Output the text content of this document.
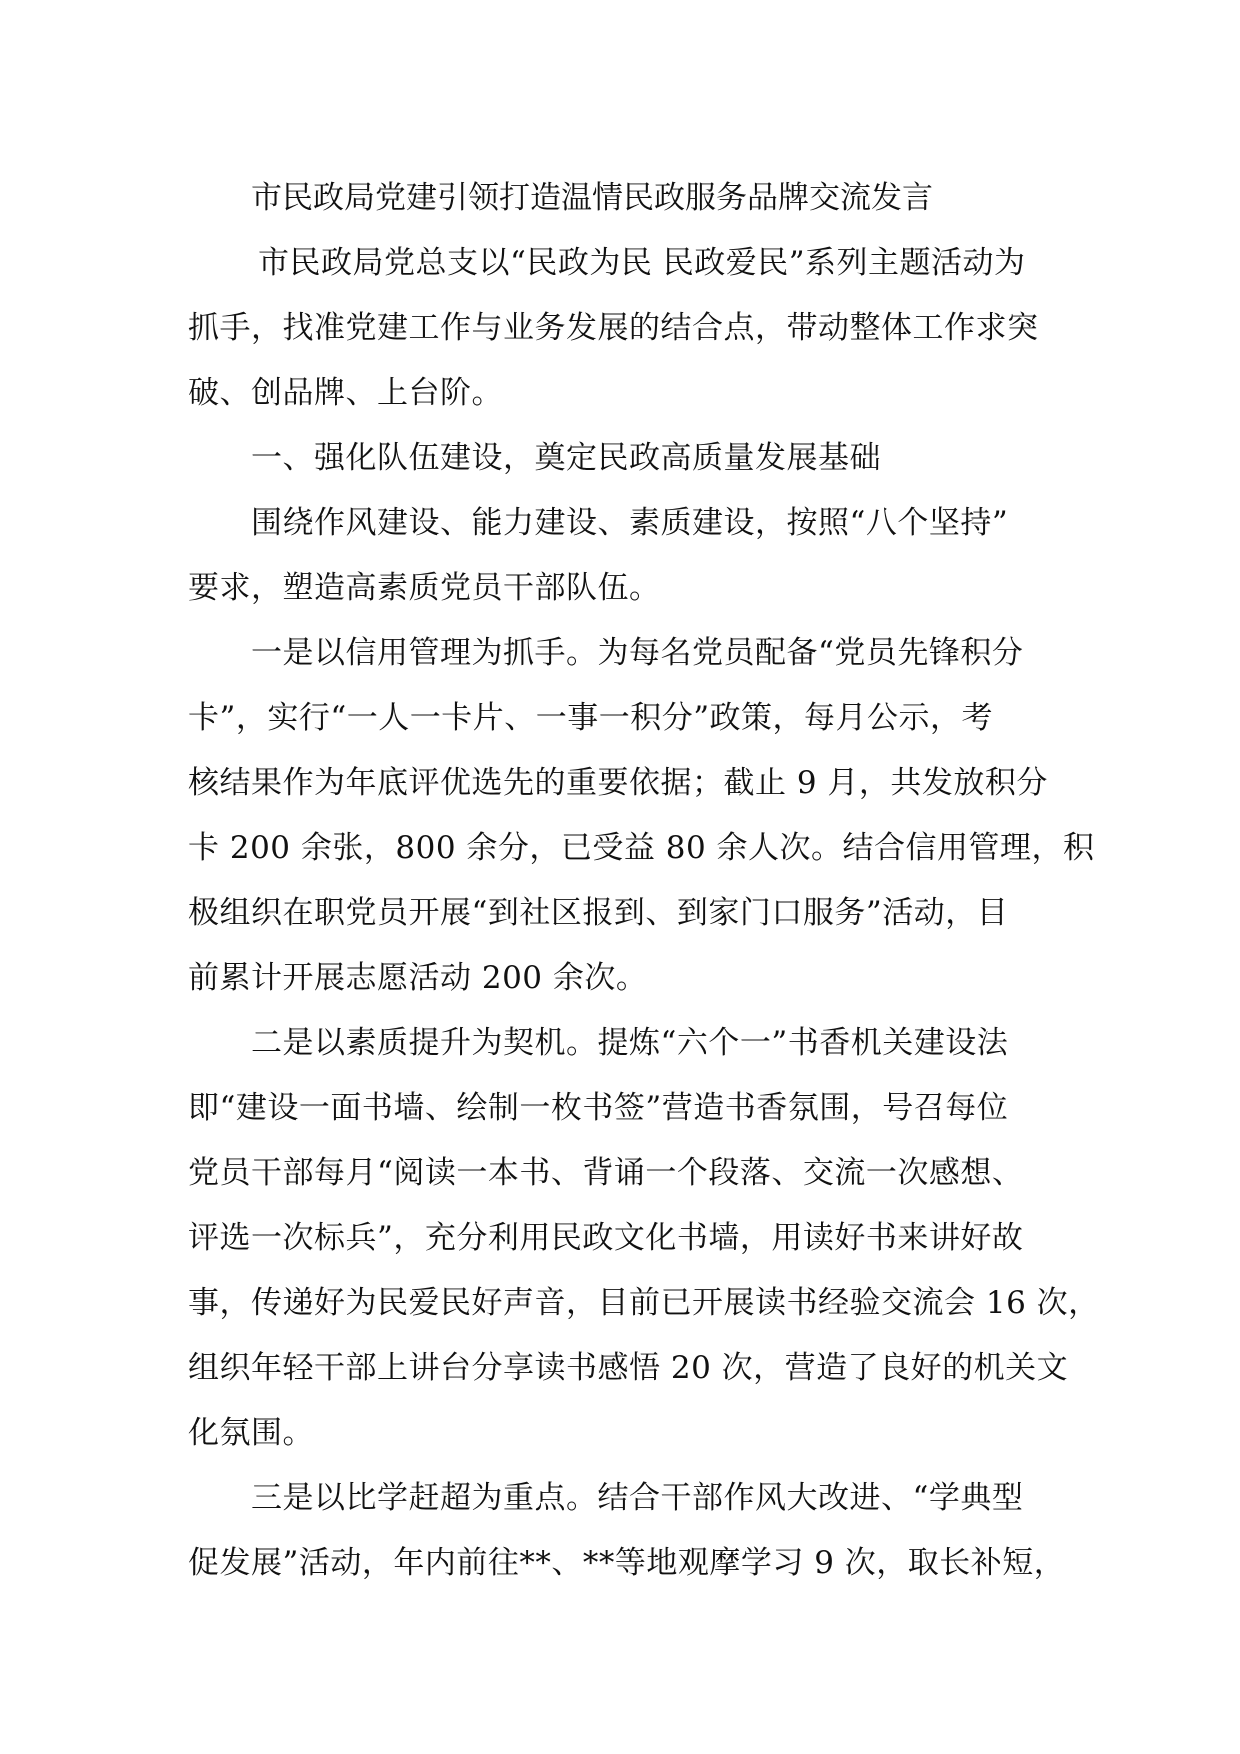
市民政局党建引领打造温情民政服务品牌交流发言

市民政局党总支以“民政为民 民政爱民”系列主题活动为
抓手，找准党建工作与业务发展的结合点，带动整体工作求突
破、创品牌、上台阶。

一、强化队伍建设，奠定民政高质量发展基础

围绕作风建设、能力建设、素质建设，按照“八个坚持”
要求，塑造高素质党员干部队伍。

一是以信用管理为抓手。为每名党员配备“党员先锋积分
卡”，实行“一人一卡片、一事一积分”政策，每月公示，考
核结果作为年底评优选先的重要依据；截止 9 月，共发放积分
卡 200 余张，800 余分，已受益 80 余人次。结合信用管理，积
极组织在职党员开展“到社区报到、到家门口服务”活动，目
前累计开展志愿活动 200 余次。

二是以素质提升为契机。提炼“六个一”书香机关建设法
即“建设一面书墙、绘制一枚书签”营造书香氛围，号召每位
党员干部每月“阅读一本书、背诵一个段落、交流一次感想、
评选一次标兵”，充分利用民政文化书墙，用读好书来讲好故
事，传递好为民爱民好声音，目前已开展读书经验交流会 16 次，
组织年轻干部上讲台分享读书感悟 20 次，营造了良好的机关文
化氛围。

三是以比学赶超为重点。结合干部作风大改进、“学典型
促发展”活动，年内前往**、**等地观摩学习 9 次，取长补短，
